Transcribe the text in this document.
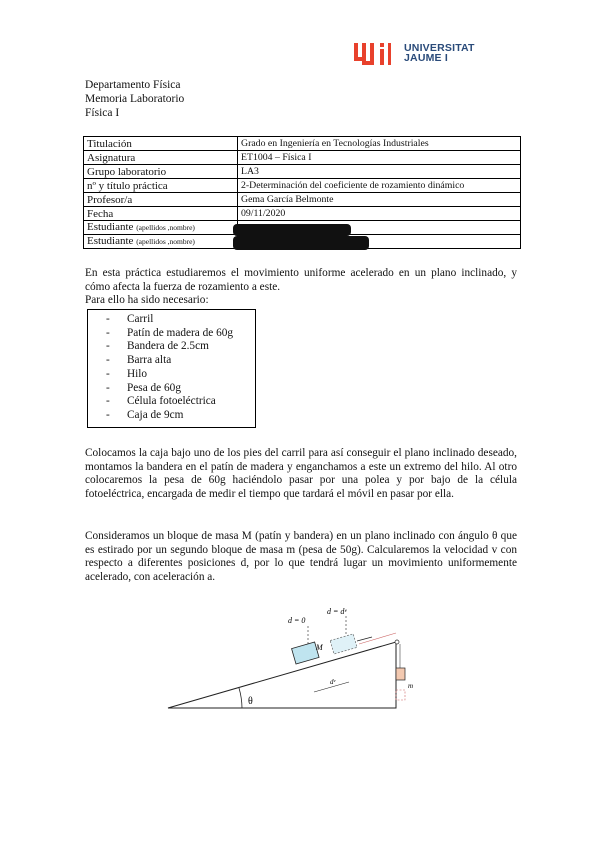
UNIVERSITAT
JAUME I
Departamento Física
Memoria Laboratorio
Física I
Titulación	Grado en Ingeniería en Tecnologías Industriales
Asignatura	ET1004 – Física I
Grupo laboratorio	LA3
nº y título práctica	2-Determinación del coeficiente de rozamiento dinámico
Profesor/a	Gema García Belmonte
Fecha	09/11/2020
Estudiante (apellidos ,nombre)	
Estudiante (apellidos ,nombre)	

En esta práctica estudiaremos el movimiento uniforme acelerado en un plano inclinado, y cómo afecta la fuerza de rozamiento a este.

Para ello ha sido necesario:

- Carril
- Patín de madera de 60g
- Bandera de 2.5cm
- Barra alta
- Hilo
- Pesa de 60g
- Célula fotoeléctrica
- Caja de 9cm

Colocamos la caja bajo uno de los pies del carril para así conseguir el plano inclinado deseado, montamos la bandera en el patín de madera y enganchamos a este un extremo del hilo. Al otro colocaremos la pesa de 60g haciéndolo pasar por una polea y por bajo de la célula fotoeléctrica, encargada de medir el tiempo que tardará el móvil en pasar por ella.

Consideramos un bloque de masa M (patín y bandera) en un plano inclinado con ángulo θ que es estirado por un segundo bloque de masa m (pesa de 50g). Calcularemos la velocidad v con respecto a diferentes posiciones d, por lo que tendrá lugar un movimiento uniformemente acelerado, con aceleración a.

θ
d = 0
d = dᵉ
M
dᵉ	m
